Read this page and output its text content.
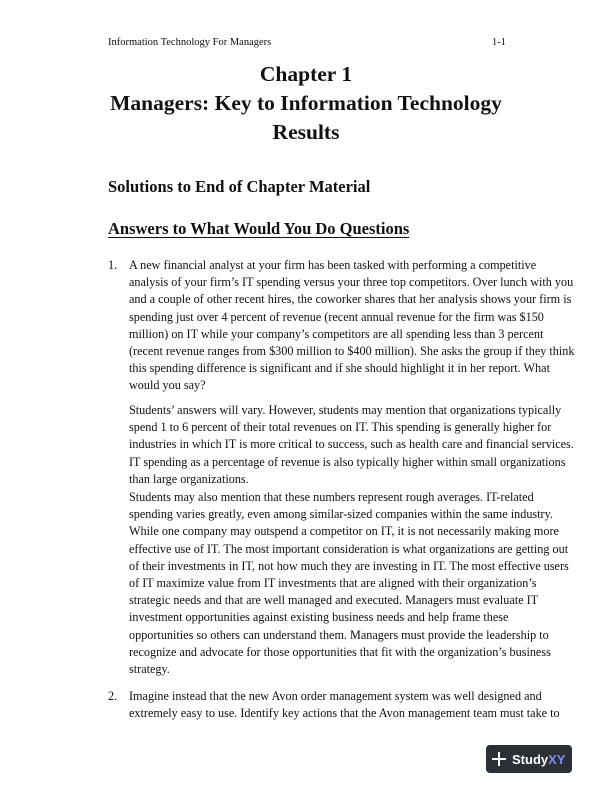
Information Technology For Managers	1-1
Chapter 1
Managers: Key to Information Technology
Results
Solutions to End of Chapter Material
Answers to What Would You Do Questions
1. A new financial analyst at your firm has been tasked with performing a competitive
analysis of your firm’s IT spending versus your three top competitors. Over lunch with you
and a couple of other recent hires, the coworker shares that her analysis shows your firm is
spending just over 4 percent of revenue (recent annual revenue for the firm was $150
million) on IT while your company’s competitors are all spending less than 3 percent
(recent revenue ranges from $300 million to $400 million). She asks the group if they think
this spending difference is significant and if she should highlight it in her report. What
would you say?
Students’ answers will vary. However, students may mention that organizations typically
spend 1 to 6 percent of their total revenues on IT. This spending is generally higher for
industries in which IT is more critical to success, such as health care and financial services.
IT spending as a percentage of revenue is also typically higher within small organizations
than large organizations.
Students may also mention that these numbers represent rough averages. IT-related
spending varies greatly, even among similar-sized companies within the same industry.
While one company may outspend a competitor on IT, it is not necessarily making more
effective use of IT. The most important consideration is what organizations are getting out
of their investments in IT, not how much they are investing in IT. The most effective users
of IT maximize value from IT investments that are aligned with their organization’s
strategic needs and that are well managed and executed. Managers must evaluate IT
investment opportunities against existing business needs and help frame these
opportunities so others can understand them. Managers must provide the leadership to
recognize and advocate for those opportunities that fit with the organization’s business
strategy.
2. Imagine instead that the new Avon order management system was well designed and
extremely easy to use. Identify key actions that the Avon management team must take to
StudyXY
